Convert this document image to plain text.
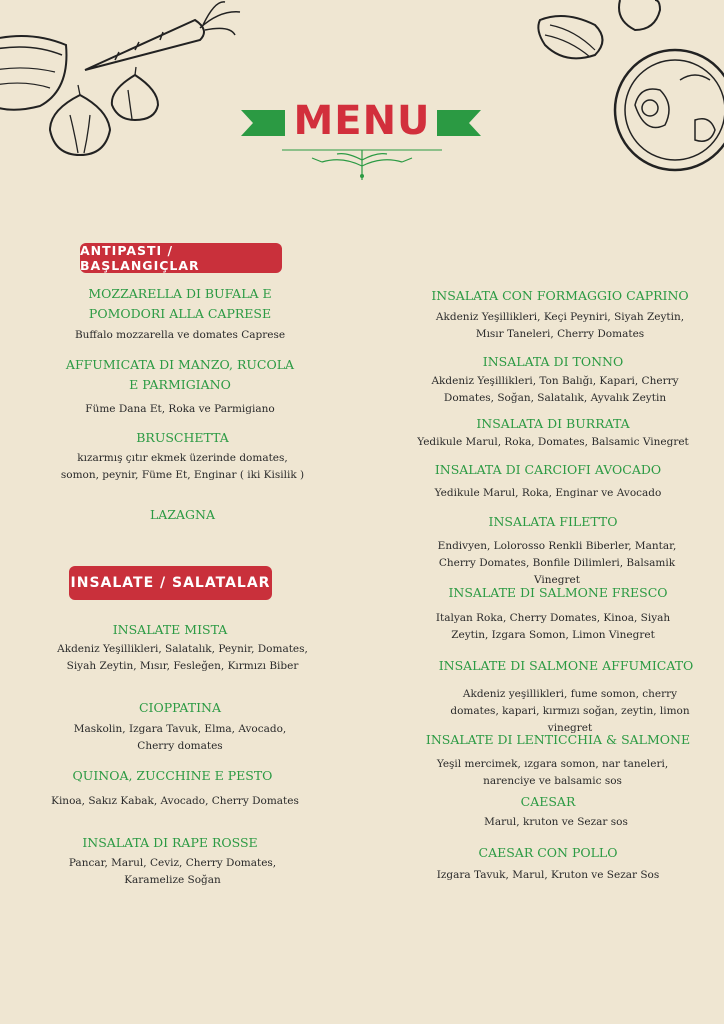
MENU
ANTIPASTI / BAŞLANGIÇLAR
MOZZARELLA DI BUFALA E POMODORI ALLA CAPRESE
Buffalo mozzarella ve domates Caprese
AFFUMICATA DI MANZO, RUCOLA E PARMIGIANO
Füme Dana Et, Roka ve Parmigiano
BRUSCHETTA
kızarmış çıtır ekmek üzerinde domates, somon, peynir, Füme Et, Enginar ( iki Kisilik )
LAZAGNA
INSALATE / SALATALAR
INSALATE MISTA
Akdeniz Yeşillikleri, Salatalık, Peynir, Domates, Siyah Zeytin, Mısır, Fesleğen, Kırmızı Biber
CIOPPATINA
Maskolin, Izgara Tavuk, Elma, Avocado, Cherry domates
QUINOA, ZUCCHINE E PESTO
Kinoa, Sakız Kabak, Avocado, Cherry Domates
INSALATA DI RAPE ROSSE
Pancar, Marul, Ceviz, Cherry Domates, Karamelize Soğan
INSALATA CON FORMAGGIO CAPRINO
Akdeniz Yeşillikleri, Keçi Peyniri, Siyah Zeytin, Mısır Taneleri, Cherry Domates
INSALATA DI TONNO
Akdeniz Yeşillikleri, Ton Balığı, Kapari, Cherry Domates, Soğan, Salatalık, Ayvalık Zeytin
INSALATA DI BURRATA
Yedikule Marul, Roka, Domates, Balsamic Vinegret
INSALATA DI CARCIOFI AVOCADO
Yedikule Marul, Roka, Enginar ve Avocado
INSALATA FILETTO
Endivyen, Lolorosso Renkli Biberler, Mantar, Cherry Domates, Bonfile Dilimleri, Balsamik Vinegret
INSALATE DI SALMONE FRESCO
Italyan Roka, Cherry Domates, Kinoa, Siyah Zeytin, Izgara Somon, Limon Vinegret
INSALATE DI SALMONE AFFUMICATO
Akdeniz yeşillikleri, fume somon, cherry domates, kapari, kırmızı soğan, zeytin, limon vinegret
INSALATE DI LENTICCHIA & SALMONE
Yeşil mercimek, ızgara somon, nar taneleri, narenciye ve balsamic sos
CAESAR
Marul, kruton ve Sezar sos
CAESAR CON POLLO
Izgara Tavuk, Marul, Kruton ve Sezar Sos
